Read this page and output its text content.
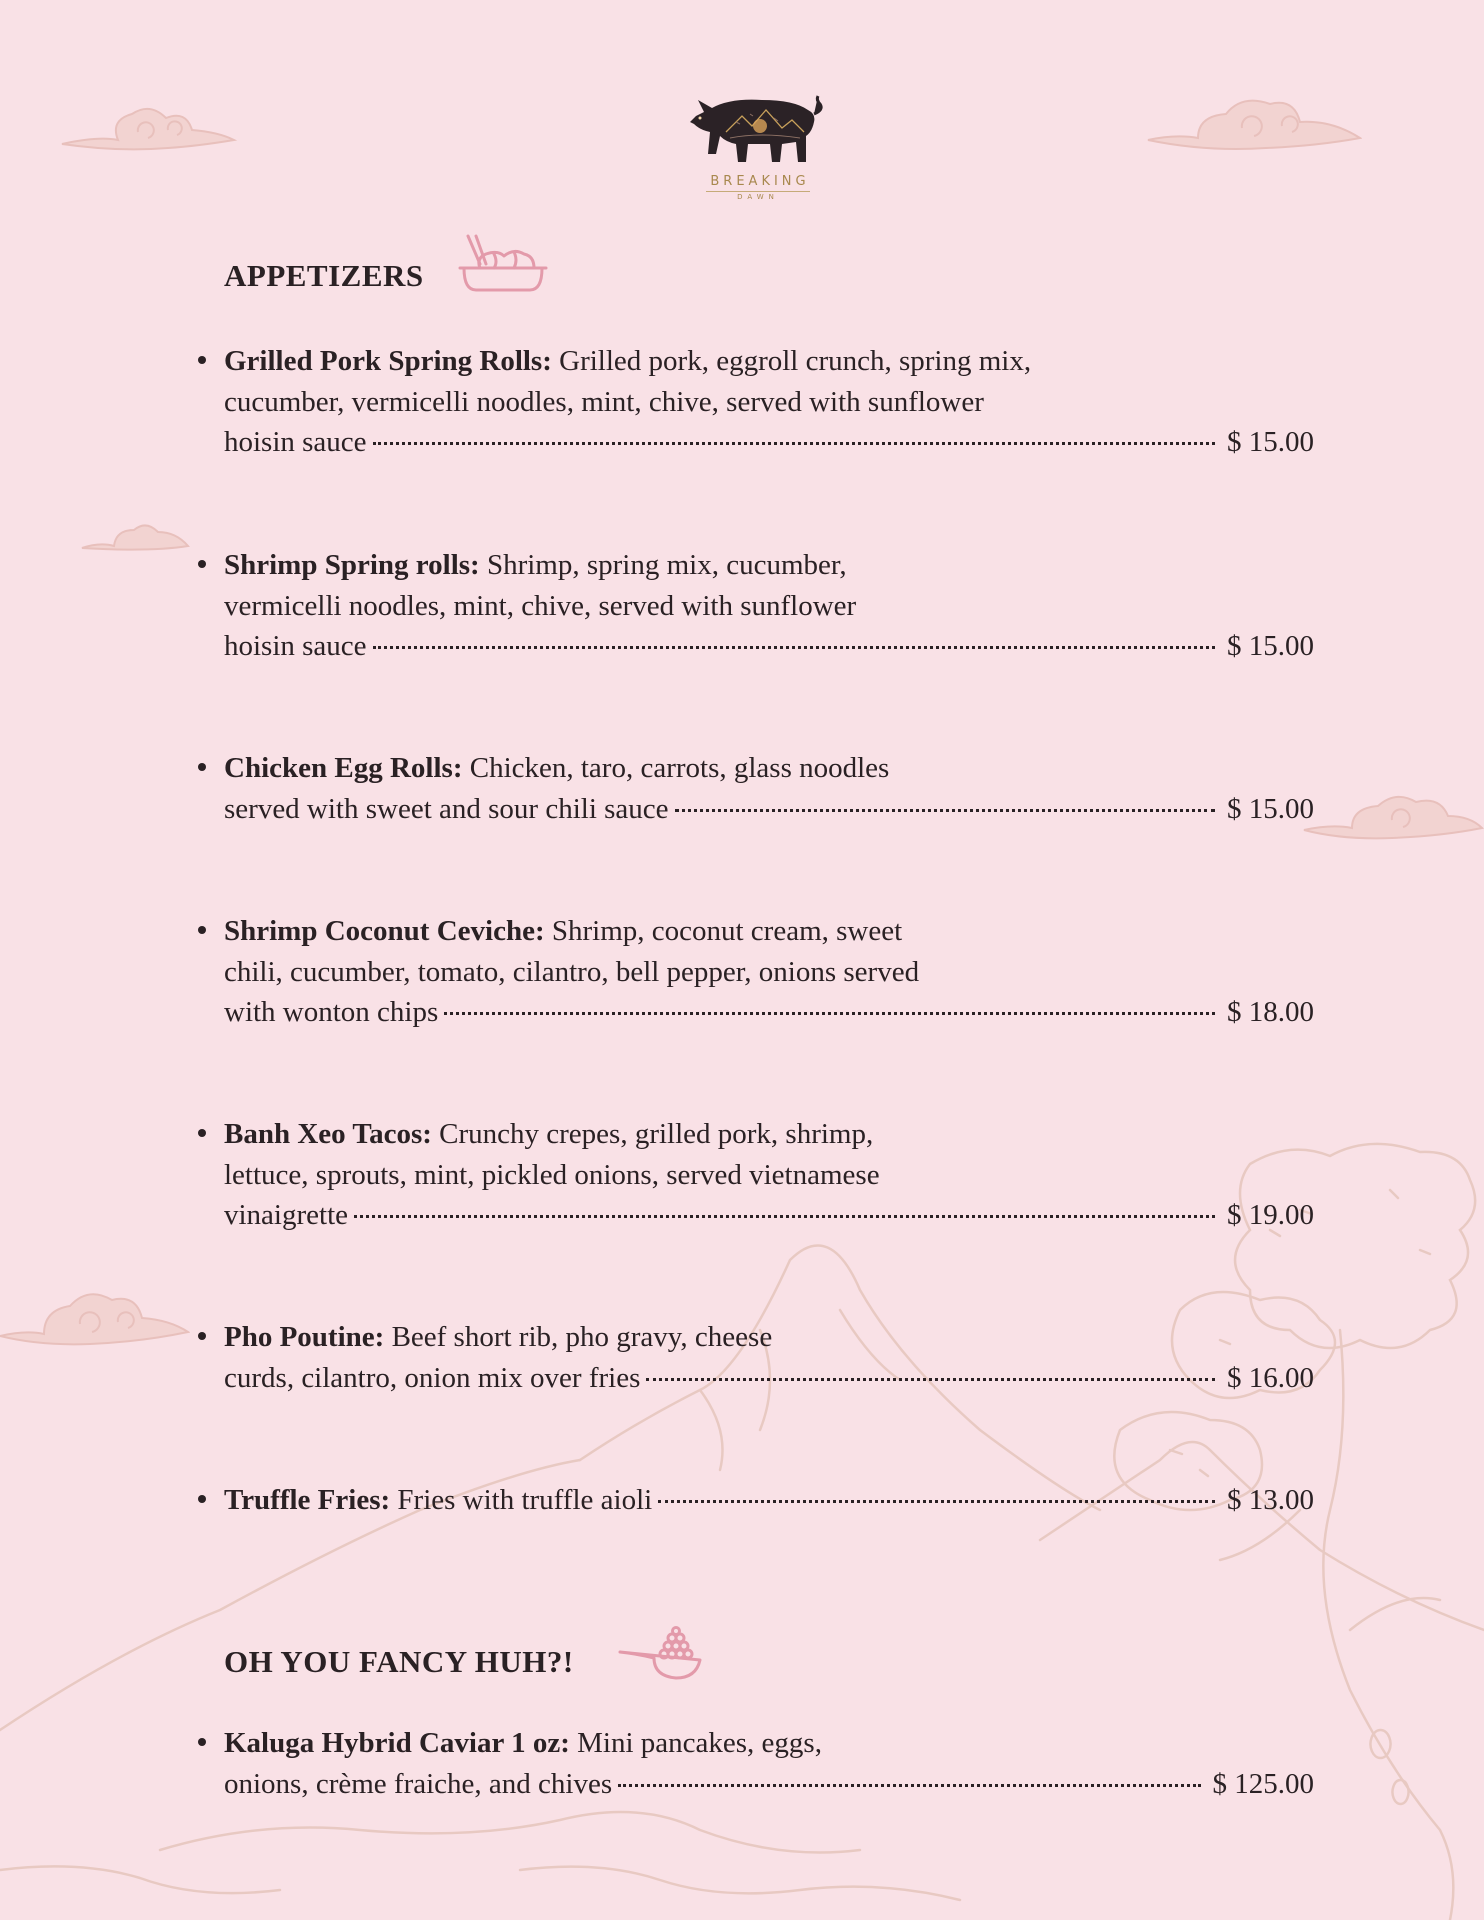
BREAKING
DAWN
APPETIZERS
Grilled Pork Spring Rolls: Grilled pork, eggroll crunch, spring mix,
cucumber, vermicelli noodles, mint, chive, served with sunflower
hoisin sauce	$ 15.00
Shrimp Spring rolls: Shrimp, spring mix, cucumber,
vermicelli noodles, mint, chive, served with sunflower
hoisin sauce	$ 15.00
Chicken Egg Rolls: Chicken, taro, carrots, glass noodles
served with sweet and sour chili sauce	$ 15.00
Shrimp Coconut Ceviche: Shrimp, coconut cream, sweet
chili, cucumber, tomato, cilantro, bell pepper, onions served
with wonton chips	$ 18.00
Banh Xeo Tacos: Crunchy crepes, grilled pork, shrimp,
lettuce, sprouts, mint, pickled onions, served vietnamese
vinaigrette	$ 19.00
Pho Poutine: Beef short rib, pho gravy, cheese
curds, cilantro, onion mix over fries	$ 16.00
Truffle Fries: Fries with truffle aioli	$ 13.00
OH YOU FANCY HUH?!
Kaluga Hybrid Caviar 1 oz: Mini pancakes, eggs,
onions, crème fraiche, and chives	$ 125.00
